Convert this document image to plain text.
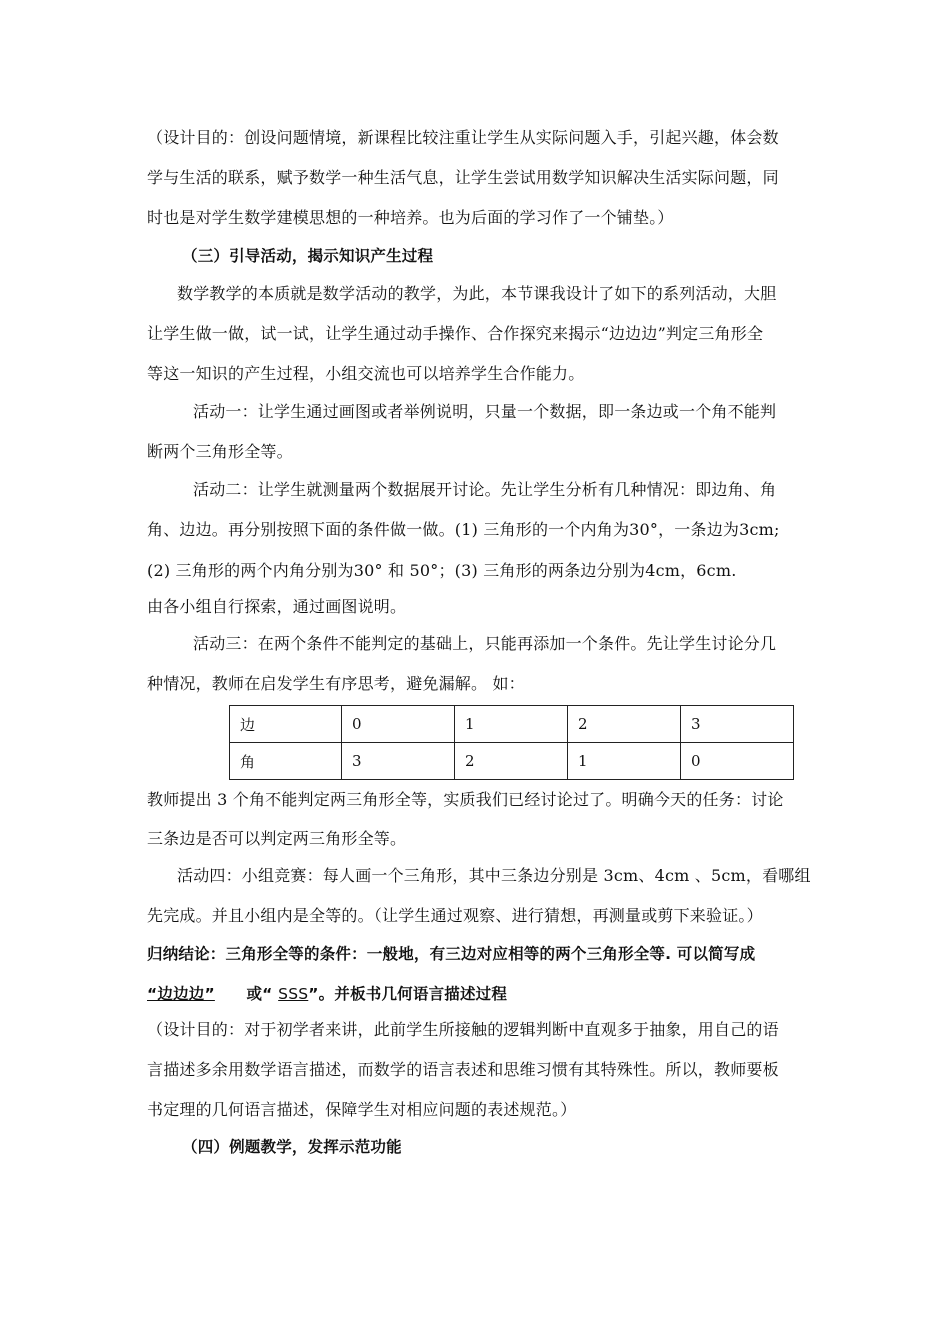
（设计目的：创设问题情境，新课程比较注重让学生从实际问题入手，引起兴趣，体会数
学与生活的联系，赋予数学一种生活气息，让学生尝试用数学知识解决生活实际问题，同
时也是对学生数学建模思想的一种培养。也为后面的学习作了一个铺垫。）
（三）引导活动，揭示知识产生过程
数学教学的本质就是数学活动的教学，为此，本节课我设计了如下的系列活动，大胆
让学生做一做，试一试，让学生通过动手操作、合作探究来揭示“边边边”判定三角形全
等这一知识的产生过程，小组交流也可以培养学生合作能力。
活动一：让学生通过画图或者举例说明，只量一个数据，即一条边或一个角不能判
断两个三角形全等。
活动二：让学生就测量两个数据展开讨论。先让学生分析有几种情况：即边角、角
角、边边。再分别按照下面的条件做一做。(1) 三角形的一个内角为30°，一条边为3cm;
(2) 三角形的两个内角分别为30° 和 50°；(3) 三角形的两条边分别为4cm，6cm.
由各小组自行探索，通过画图说明。
活动三：在两个条件不能判定的基础上，只能再添加一个条件。先让学生讨论分几
种情况，教师在启发学生有序思考，避免漏解。 如：
边	0	1	2	3
角	3	2	1	0
教师提出 3 个角不能判定两三角形全等，实质我们已经讨论过了。明确今天的任务：讨论
三条边是否可以判定两三角形全等。
活动四：小组竞赛：每人画一个三角形，其中三条边分别是 3cm、4cm 、5cm，看哪组
先完成。并且小组内是全等的。（让学生通过观察、进行猜想，再测量或剪下来验证。）
归纳结论：三角形全等的条件：一般地，有三边对应相等的两个三角形全等. 可以简写成
“边边边” 或“ SSS”。并板书几何语言描述过程
（设计目的：对于初学者来讲，此前学生所接触的逻辑判断中直观多于抽象，用自己的语
言描述多余用数学语言描述，而数学的语言表述和思维习惯有其特殊性。所以，教师要板
书定理的几何语言描述，保障学生对相应问题的表述规范。）
（四）例题教学，发挥示范功能
